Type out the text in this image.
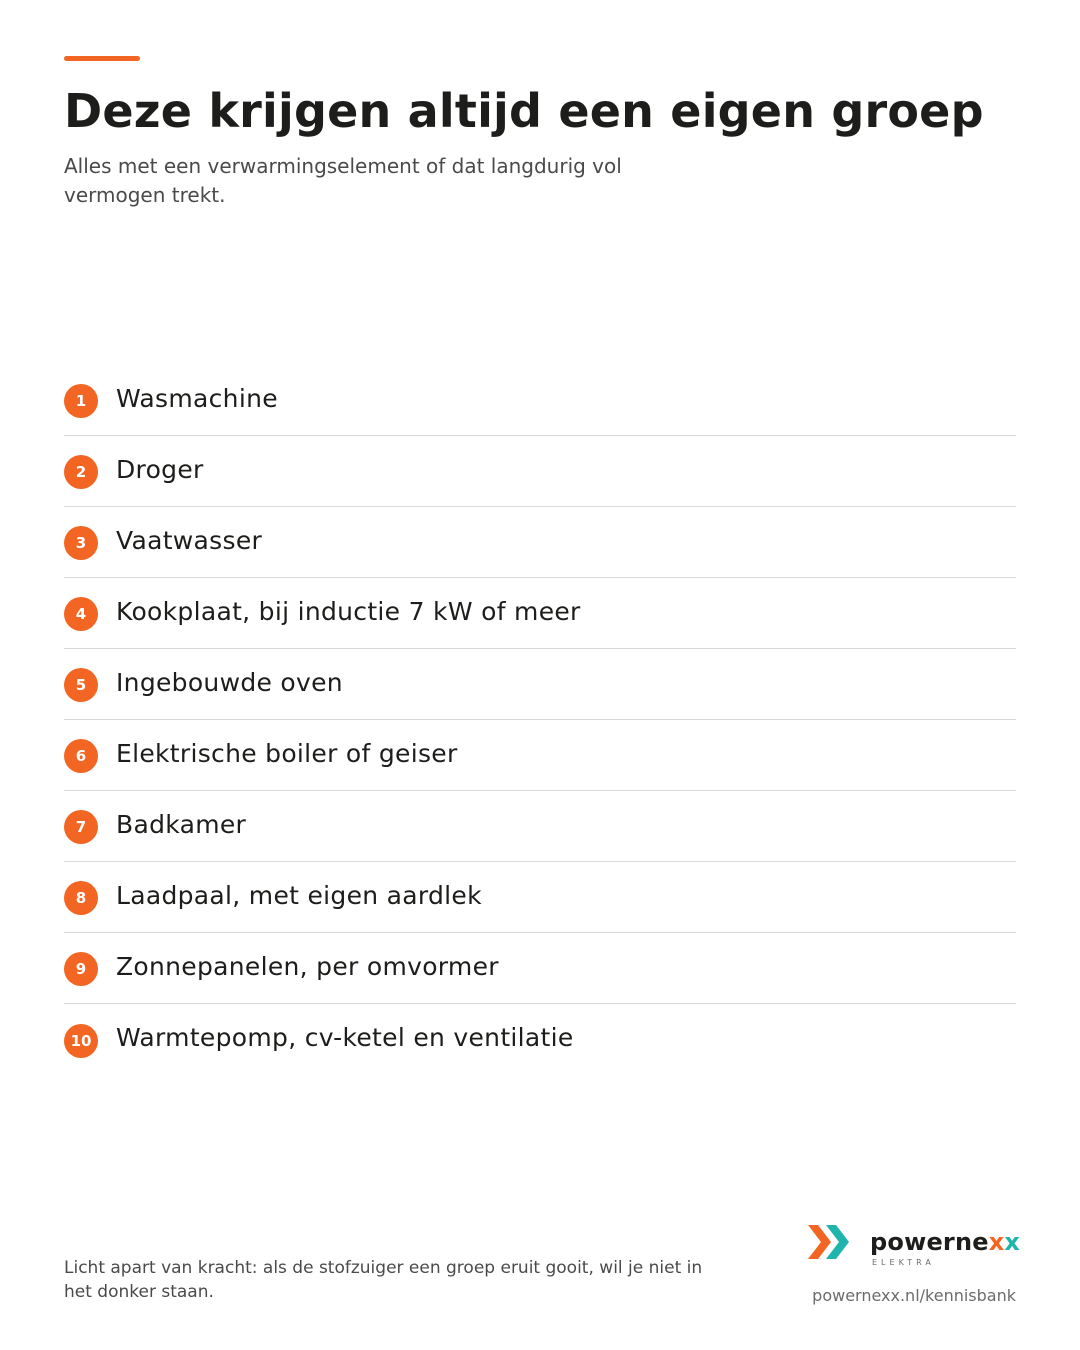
Deze krijgen altijd een eigen groep

Alles met een verwarmingselement of dat langdurig vol vermogen trekt.

1	Wasmachine
2	Droger
3	Vaatwasser
4	Kookplaat, bij inductie 7 kW of meer
5	Ingebouwde oven
6	Elektrische boiler of geiser
7	Badkamer
8	Laadpaal, met eigen aardlek
9	Zonnepanelen, per omvormer
10 Warmtepomp, cv-ketel en ventilatie

Licht apart van kracht: als de stofzuiger een groep eruit gooit, wil je niet in het donker staan.

powernexx
ELEKTRA
powernexx.nl/kennisbank
